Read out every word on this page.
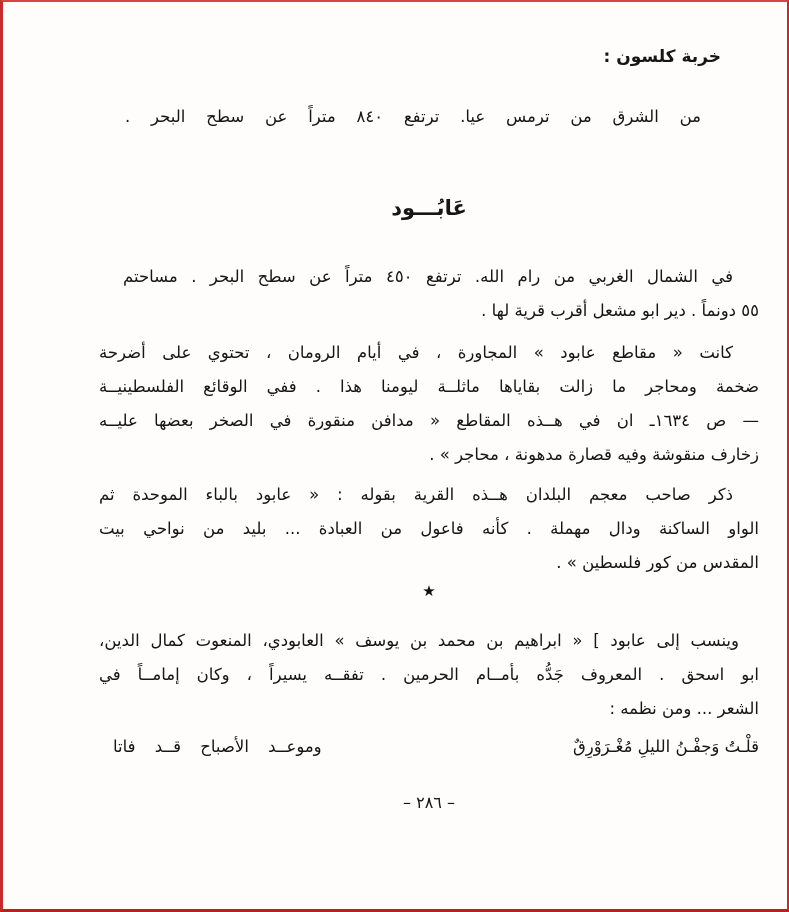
خربة كلسون :
من الشرق من ترمس عيا. ترتفع ٨٤٠ متراً عن سطح البحر .
عَابُـــود
في الشمال الغربي من رام الله. ترتفع ٤٥٠ متراً عن سطح البحر . مساحتم
٥٥ دونماً . دير ابو مشعل أقرب قرية لها .
كانت « مقاطع عابود » المجاورة ، في أيام الرومان ، تحتوي على أضرحة
ضخمة ومحاجر ما زالت بقاياها ماثلــة ليومنا هذا . ففي الوقائع الفلسطينيــة
— ص ١٦٣٤ـ ان في هــذه المقاطع « مدافن منقورة في الصخر بعضها عليــه
زخارف منقوشة وفيه قصارة مدهونة ، محاجر » .
ذكر صاحب معجم البلدان هــذه القرية بقوله : « عابود بالباء الموحدة ثم
الواو الساكنة ودال مهملة . كأنه فاعول من العبادة ... بليد من نواحي بيت
المقدس من كور فلسطين » .
★
وينسب إلى عابود ⁦[⁩ « ابراهيم بن محمد بن يوسف » العابودي، المنعوت كمال الدين،
ابو اسحق . المعروف جَدُّه بأمــام الحرمين . تفقــه يسيراً ، وكان إمامــاً في
الشعر ... ومن نظمه :
قلْـتُ وَجفْـنُ الليلِ مُغْـرَوْرِقٌ
وموعــد الأصباح قــد فاتا
– ٢٨٦ –
